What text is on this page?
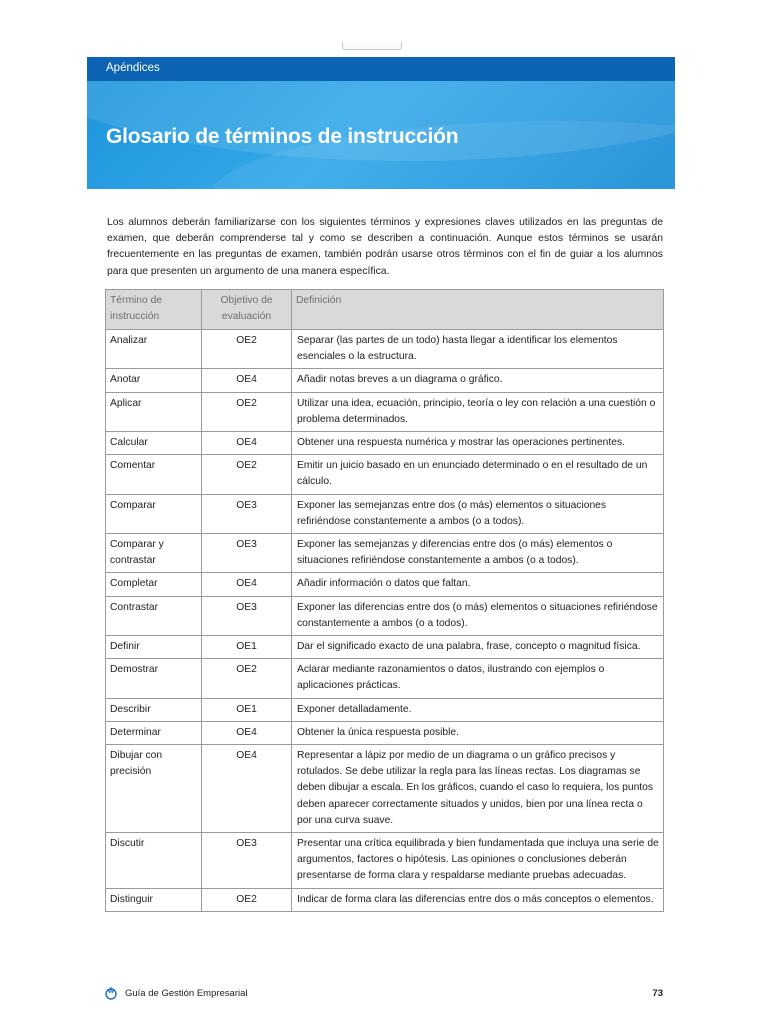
Apéndices
Glosario de términos de instrucción

Los alumnos deberán familiarizarse con los siguientes términos y expresiones claves utilizados en las preguntas de examen, que deberán comprenderse tal y como se describen a continuación. Aunque estos términos se usarán frecuentemente en las preguntas de examen, también podrán usarse otros términos con el fin de guiar a los alumnos para que presenten un argumento de una manera específica.

Término de
instrucción	Objetivo de
evaluación	Definición
Analizar	OE2	Separar (las partes de un todo) hasta llegar a identificar los elementos esenciales o la estructura.
Anotar	OE4	Añadir notas breves a un diagrama o gráfico.
Aplicar	OE2	Utilizar una idea, ecuación, principio, teoría o ley con relación a una cuestión o problema determinados.
Calcular	OE4	Obtener una respuesta numérica y mostrar las operaciones pertinentes.
Comentar	OE2	Emitir un juicio basado en un enunciado determinado o en el resultado de un cálculo.
Comparar	OE3	Exponer las semejanzas entre dos (o más) elementos o situaciones refiriéndose constantemente a ambos (o a todos).
Comparar y
contrastar	OE3	Exponer las semejanzas y diferencias entre dos (o más) elementos o situaciones refiriéndose constantemente a ambos (o a todos).
Completar	OE4	Añadir información o datos que faltan.
Contrastar	OE3	Exponer las diferencias entre dos (o más) elementos o situaciones refiriéndose constantemente a ambos (o a todos).
Definir	OE1	Dar el significado exacto de una palabra, frase, concepto o magnitud física.
Demostrar	OE2	Aclarar mediante razonamientos o datos, ilustrando con ejemplos o aplicaciones prácticas.
Describir	OE1	Exponer detalladamente.
Determinar	OE4	Obtener la única respuesta posible.
Dibujar con
precisión	OE4	Representar a lápiz por medio de un diagrama o un gráfico precisos y rotulados. Se debe utilizar la regla para las líneas rectas. Los diagramas se deben dibujar a escala. En los gráficos, cuando el caso lo requiera, los puntos deben aparecer correctamente situados y unidos, bien por una línea recta o por una curva suave.
Discutir	OE3	Presentar una crítica equilibrada y bien fundamentada que incluya una serie de argumentos, factores o hipótesis. Las opiniones o conclusiones deberán presentarse de forma clara y respaldarse mediante pruebas adecuadas.
Distinguir	OE2	Indicar de forma clara las diferencias entre dos o más conceptos o elementos.
Guía de Gestión Empresarial	73
